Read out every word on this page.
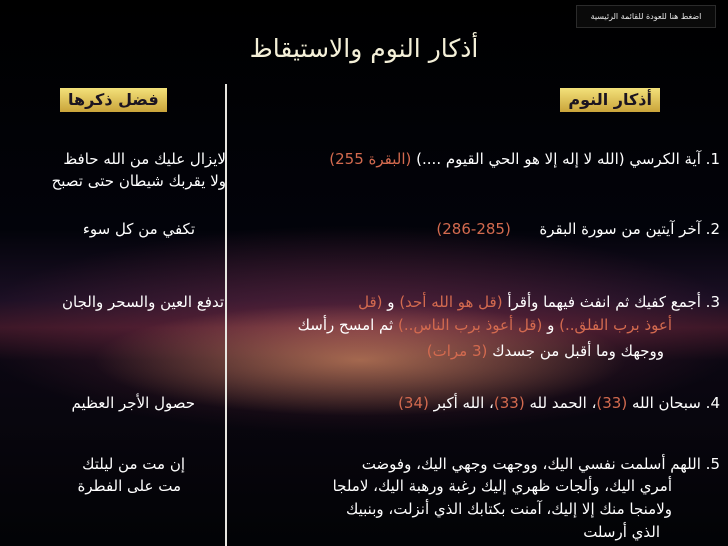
اضغط هنا للعودة للقائمة الرئيسية
أذكار النوم والاستيقاظ
فضل ذكرها	أذكار النوم
1. آية الكرسي (الله لا إله إلا هو الحي القيوم ....) (البقرة 255)
لايزال عليك من الله حافظ
ولا يقربك شيطان حتى تصبح
2. آخر آيتين من سورة البقرة      (285-286)
تكفي من كل سوء
3. أجمع كفيك ثم انفث فيهما وأقرأ (قل هو الله أحد) و (قل
أعوذ برب الفلق..) و (قل أعوذ برب الناس..) ثم امسح رأسك
ووجهك وما أقبل من جسدك (3 مرات)
تدفع العين والسحر والجان
4. سبحان الله (33)، الحمد لله (33)، الله أكبر (34)
حصول الأجر العظيم
5. اللهم أسلمت نفسي اليك، ووجهت وجهي اليك، وفوضت
أمري اليك، وألجات ظهري إليك رغبة ورهبة اليك، لاملجا
ولامنجا منك إلا إليك، آمنت بكتابك الذي أنزلت، وبنبيك
الذي أرسلت
إن مت من ليلتك
مت على الفطرة
